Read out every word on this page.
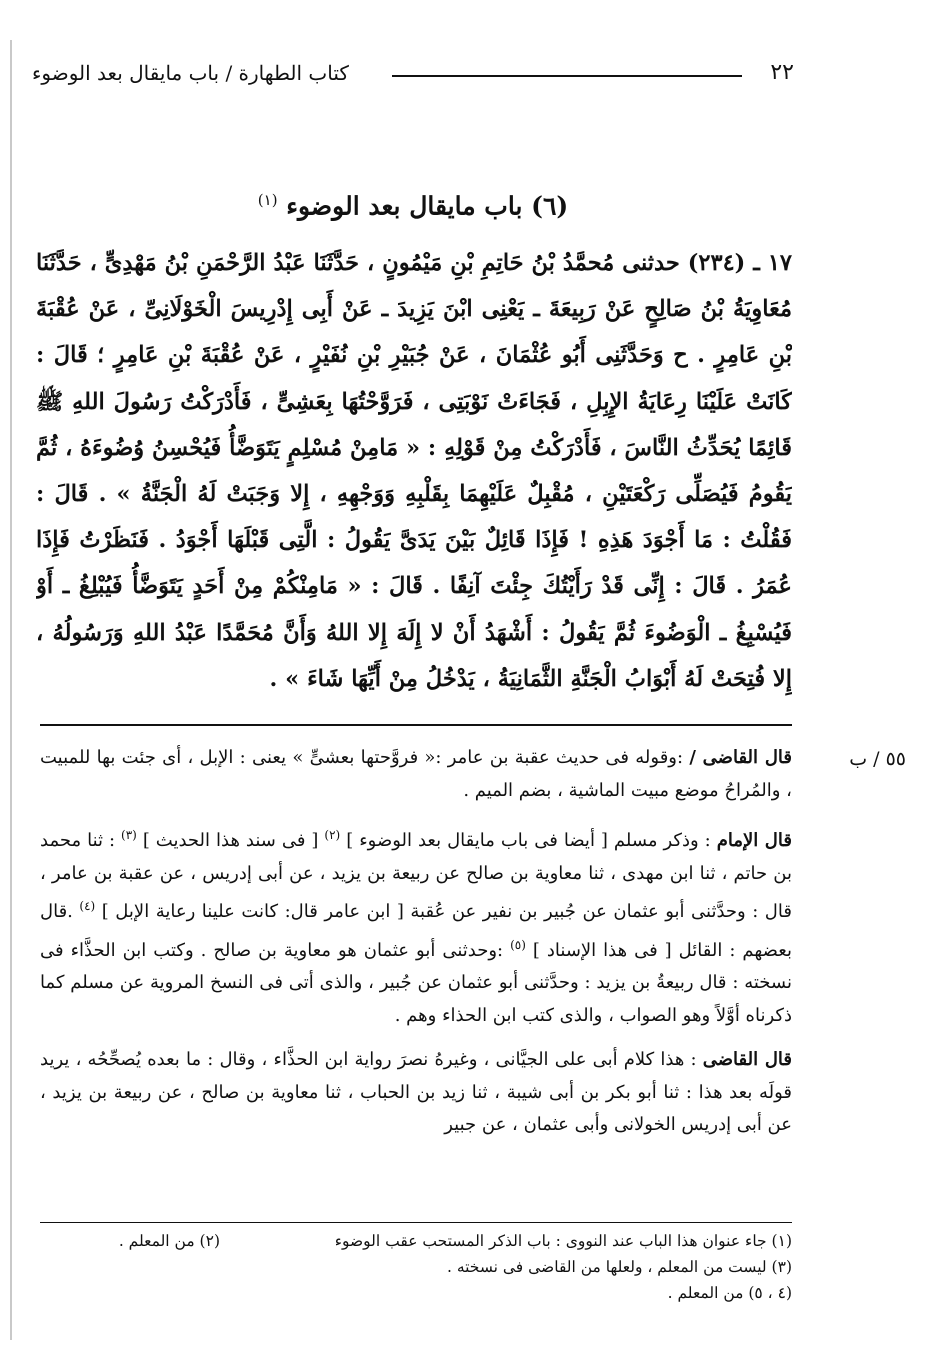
٢٢
كتاب الطهارة / باب مايقال بعد الوضوء
(٦) باب مايقال بعد الوضوء $^{(١)}$
١٧ ـ (٢٣٤) حدثنى مُحمَّدُ بْنُ حَاتِمِ بْنِ مَيْمُونٍ ، حَدَّثَنَا عَبْدُ الرَّحْمَنِ بْنُ مَهْدِىٍّ ، حَدَّثَنَا مُعَاوِيَةُ بْنُ صَالِحٍ عَنْ رَبِيعَةَ ـ يَعْنِى ابْنَ يَزِيدَ ـ عَنْ أَبِى إِدْرِيسَ الْخَوْلَانِىِّ ، عَنْ عُقْبَةَ بْنِ عَامِرٍ . ح وَحَدَّثَنِى أَبُو عُثْمَانَ ، عَنْ جُبَيْرِ بْنِ نُفَيْرٍ ، عَنْ عُقْبَةَ بْنِ عَامِرٍ ؛ قَالَ : كَانَتْ عَلَيْنَا رِعَايَةُ الإِبِلِ ، فَجَاءَتْ نَوْبَتِى ، فَرَوَّحْتُهَا بِعَشِىٍّ ، فَأَدْرَكْتُ رَسُولَ اللهِ ﷺ قَائِمًا يُحَدِّثُ النَّاسَ ، فَأَدْرَكْتُ مِنْ قَوْلِهِ : « مَامِنْ مُسْلِمٍ يَتَوَضَّأُ فَيُحْسِنُ وُضُوءَهُ ، ثُمَّ يَقُومُ فَيُصَلِّى رَكْعَتَيْنِ ، مُقْبِلٌ عَلَيْهِمَا بِقَلْبِهِ وَوَجْهِهِ ، إِلا وَجَبَتْ لَهُ الْجَنَّةُ » . قَالَ : فَقُلْتُ : مَا أَجْوَدَ هَذِهِ ! فَإِذَا قَائِلٌ بَيْنَ يَدَىَّ يَقُولُ : الَّتِى قَبْلَهَا أَجْوَدُ . فَنَظَرْتُ فَإِذَا عُمَرُ . قَالَ : إِنِّى قَدْ رَأَيْتُكَ جِئْتَ آنِفًا . قَالَ : « مَامِنْكُمْ مِنْ أَحَدٍ يَتَوَضَّأُ فَيُبْلِغُ ـ أَوْ فَيُسْبِغُ ـ الْوَضُوءَ ثُمَّ يَقُولُ : أَشْهَدُ أَنْ لا إِلَهَ إِلا اللهُ وَأَنَّ مُحَمَّدًا عَبْدُ اللهِ وَرَسُولُهُ ، إِلا فُتِحَتْ لَهُ أَبْوَابُ الْجَنَّةِ الثَّمَانِيَةُ ، يَدْخُلُ مِنْ أَيِّهَا شَاءَ » .
٥٥ / ب

قال القاضى / :وقوله فى حديث عقبة بن عامر :« فروَّحتها بعشىٍّ » يعنى : الإبل ، أى جئت بها للمبيت ، والمُراحُ موضع مبيت الماشية ، بضم الميم .

قال الإمام : وذكر مسلم [ أيضا فى باب مايقال بعد الوضوء ] $^{(٢)}$ [ فى سند هذا الحديث ] $^{(٣)}$ : ثنا محمد بن حاتم ، ثنا ابن مهدى ، ثنا معاوية بن صالح عن ربيعة بن يزيد ، عن أبى إدريس ، عن عقبة بن عامر ، قال : وحدَّثنى أبو عثمان عن جُبير بن نفير عن عُقبة [ ابن عامر قال: كانت علينا رعاية الإبل ] $^{(٤)}$ .قال بعضهم : القائل [ فى هذا الإسناد ] $^{(٥)}$ :وحدثنى أبو عثمان هو معاوية بن صالح . وكتب ابن الحذَّاء فى نسخته : قال ربيعةُ بن يزيد : وحدَّثنى أبو عثمان عن جُبير ، والذى أتى فى النسخ المروية عن مسلم كما ذكرناه أوَّلاً وهو الصواب ، والذى كتب ابن الحذاء وهم .

قال القاضى : هذا كلام أبى على الجيَّانى ، وغيرهُ نصرَ رواية ابن الحذَّاء ، وقال : ما بعده يُصحِّحُه ، يريد قولَه بعد هذا : ثنا أبو بكر بن أبى شيبة ، ثنا زيد بن الحباب ، ثنا معاوية بن صالح ، عن ربيعة بن يزيد ، عن أبى إدريس الخولانى وأبى عثمان ، عن جبير

(١) جاء عنوان هذا الباب عند النووى : باب الذكر المستحب عقب الوضوء
(٢) من المعلم .
(٣) ليست من المعلم ، ولعلها من القاضى فى نسخته .
(٤ ، ٥) من المعلم .
